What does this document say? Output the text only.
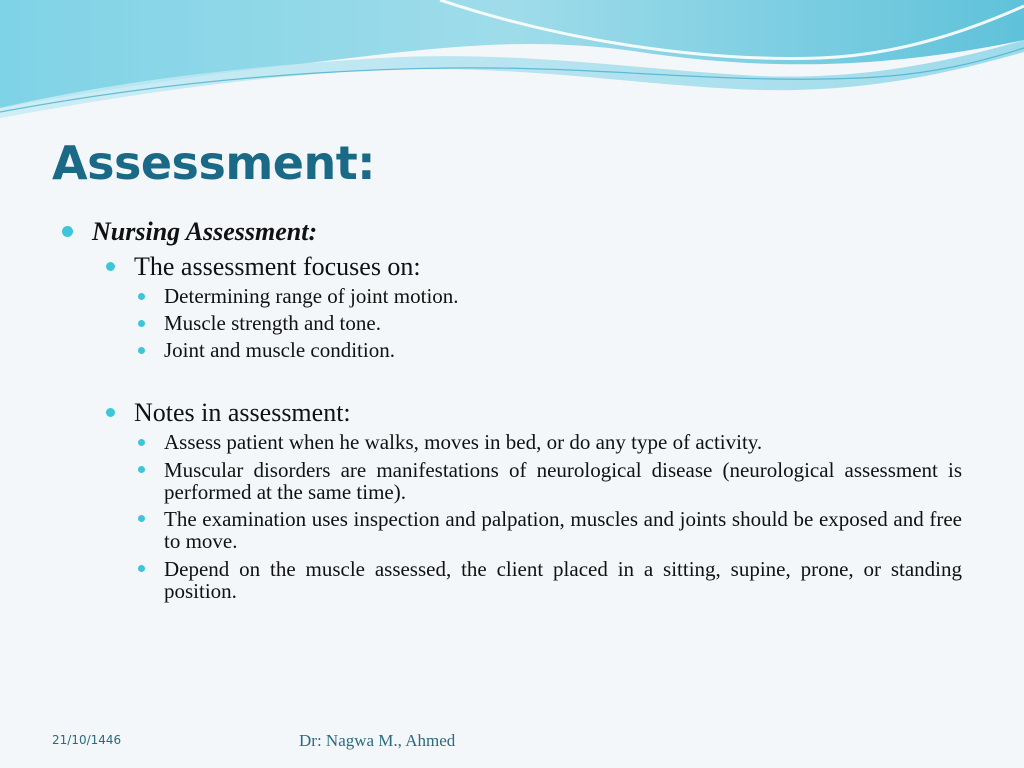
Assessment:
Nursing Assessment:
The assessment focuses on:
Determining range of joint motion.
Muscle strength and tone.
Joint and muscle condition.
Notes in assessment:
Assess patient when he walks, moves in bed, or do any type of activity.
Muscular disorders are manifestations of neurological disease (neurological assessment is performed at the same time).
The examination uses inspection and palpation, muscles and joints should be exposed and free to move.
Depend on the muscle assessed, the client placed in a sitting, supine, prone, or standing position.
21/10/1446	Dr: Nagwa M., Ahmed
